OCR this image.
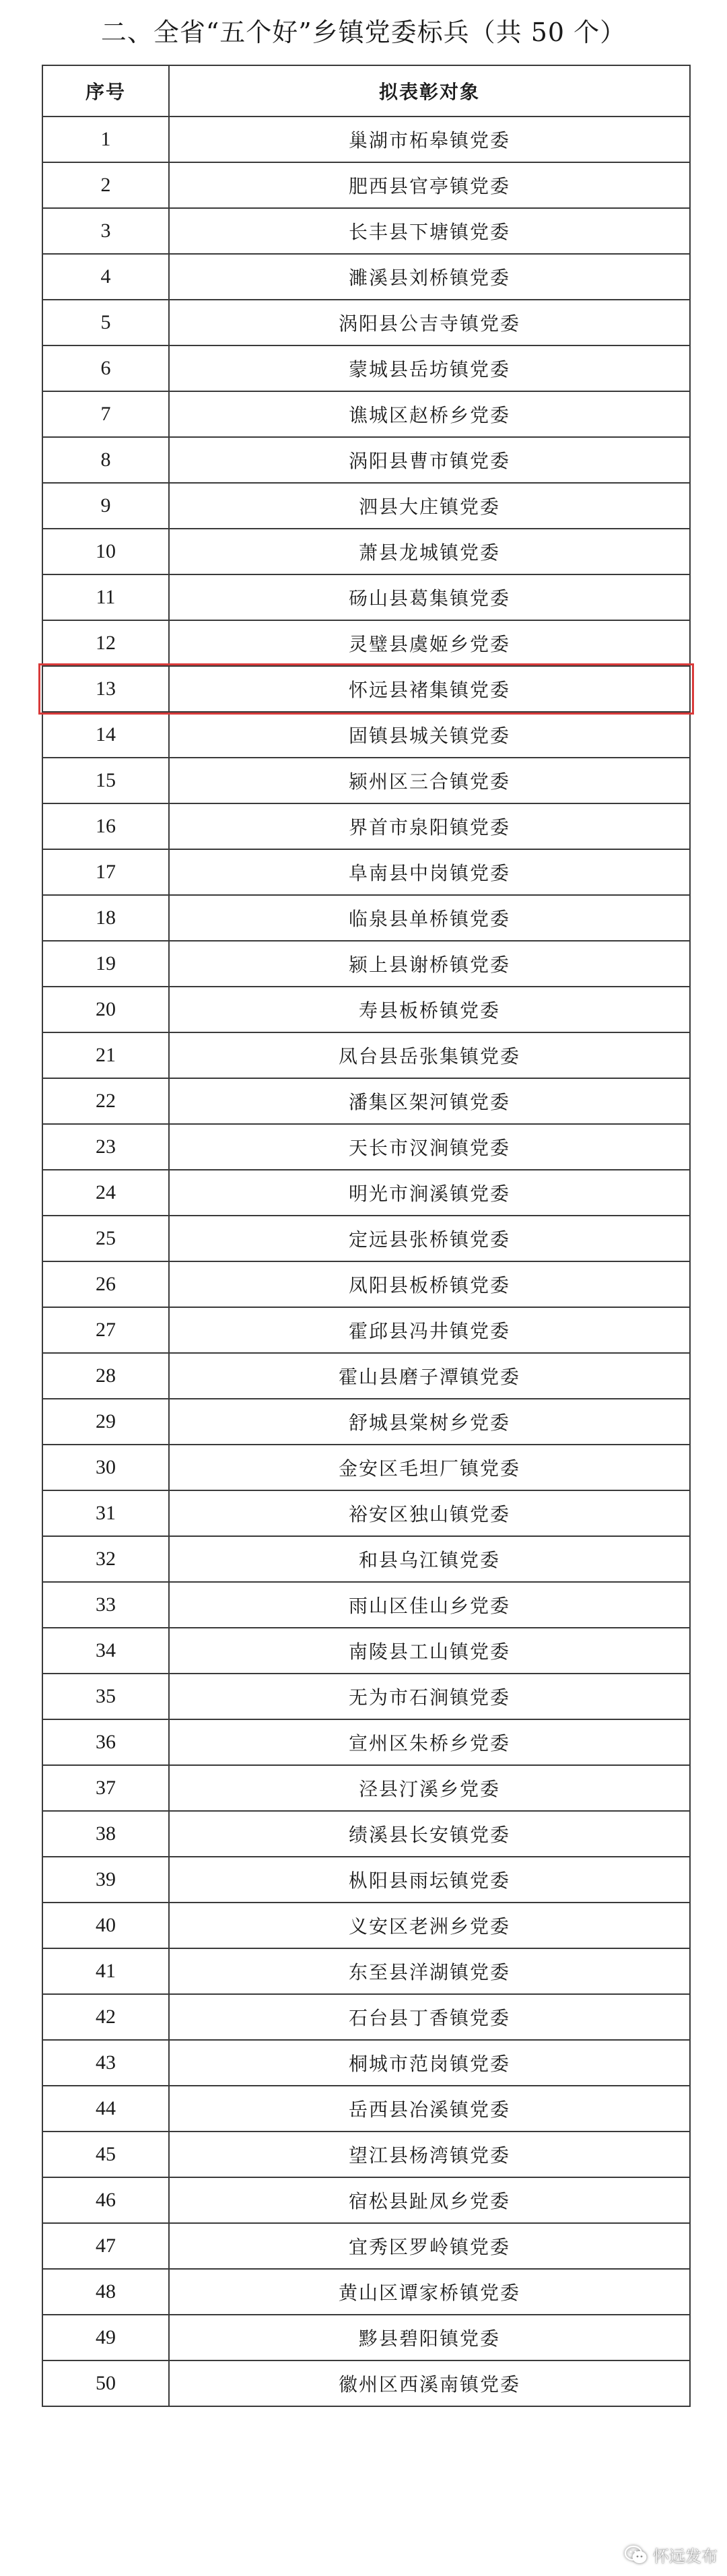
二、全省“五个好”乡镇党委标兵（共 50 个）
序号	拟表彰对象
1	巢湖市柘皋镇党委
2	肥西县官亭镇党委
3	长丰县下塘镇党委
4	濉溪县刘桥镇党委
5	涡阳县公吉寺镇党委
6	蒙城县岳坊镇党委
7	谯城区赵桥乡党委
8	涡阳县曹市镇党委
9	泗县大庄镇党委
10	萧县龙城镇党委
11	砀山县葛集镇党委
12	灵璧县虞姬乡党委
13	怀远县褚集镇党委
14	固镇县城关镇党委
15	颍州区三合镇党委
16	界首市泉阳镇党委
17	阜南县中岗镇党委
18	临泉县单桥镇党委
19	颍上县谢桥镇党委
20	寿县板桥镇党委
21	凤台县岳张集镇党委
22	潘集区架河镇党委
23	天长市汊涧镇党委
24	明光市涧溪镇党委
25	定远县张桥镇党委
26	凤阳县板桥镇党委
27	霍邱县冯井镇党委
28	霍山县磨子潭镇党委
29	舒城县棠树乡党委
30	金安区毛坦厂镇党委
31	裕安区独山镇党委
32	和县乌江镇党委
33	雨山区佳山乡党委
34	南陵县工山镇党委
35	无为市石涧镇党委
36	宣州区朱桥乡党委
37	泾县汀溪乡党委
38	绩溪县长安镇党委
39	枞阳县雨坛镇党委
40	义安区老洲乡党委
41	东至县洋湖镇党委
42	石台县丁香镇党委
43	桐城市范岗镇党委
44	岳西县冶溪镇党委
45	望江县杨湾镇党委
46	宿松县趾凤乡党委
47	宜秀区罗岭镇党委
48	黄山区谭家桥镇党委
49	黟县碧阳镇党委
50	徽州区西溪南镇党委
怀远发布
